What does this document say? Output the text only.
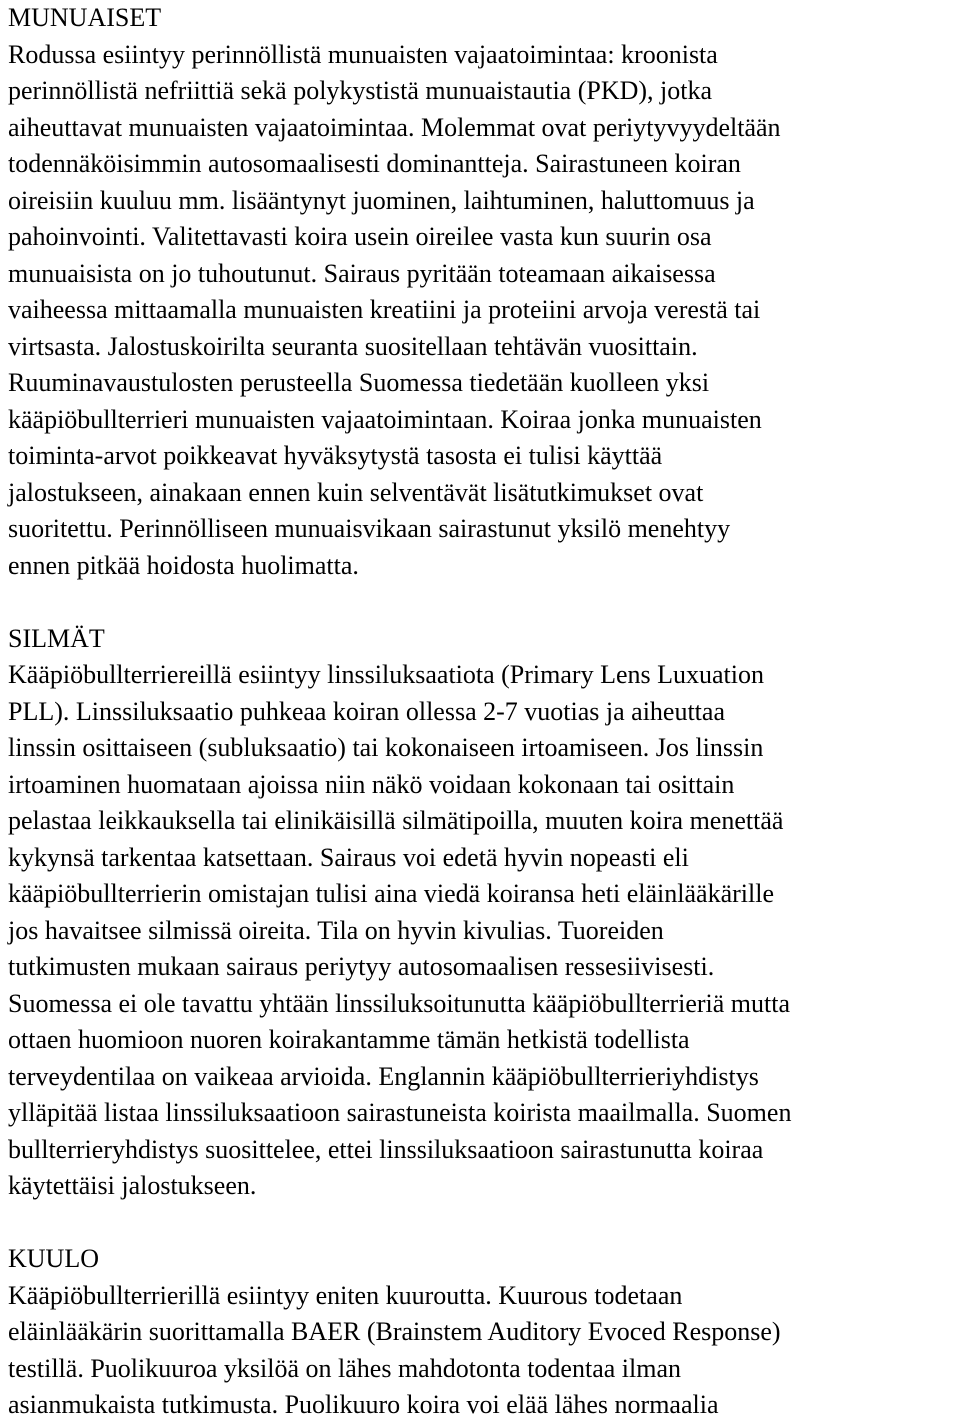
MUNUAISET
Rodussa esiintyy perinnöllistä munuaisten vajaatoimintaa: kroonista
perinnöllistä nefriittiä sekä polykystistä munuaistautia (PKD), jotka
aiheuttavat munuaisten vajaatoimintaa. Molemmat ovat periytyvyydeltään
todennäköisimmin autosomaalisesti dominantteja. Sairastuneen koiran
oireisiin kuuluu mm. lisääntynyt juominen, laihtuminen, haluttomuus ja
pahoinvointi. Valitettavasti koira usein oireilee vasta kun suurin osa
munuaisista on jo tuhoutunut. Sairaus pyritään toteamaan aikaisessa
vaiheessa mittaamalla munuaisten kreatiini ja proteiini arvoja verestä tai
virtsasta. Jalostuskoirilta seuranta suositellaan tehtävän vuosittain.
Ruuminavaustulosten perusteella Suomessa tiedetään kuolleen yksi
kääpiöbullterrieri munuaisten vajaatoimintaan. Koiraa jonka munuaisten
toiminta-arvot poikkeavat hyväksytystä tasosta ei tulisi käyttää
jalostukseen, ainakaan ennen kuin selventävät lisätutkimukset ovat
suoritettu. Perinnölliseen munuaisvikaan sairastunut yksilö menehtyy
ennen pitkää hoidosta huolimatta.
SILMÄT
Kääpiöbullterriereillä esiintyy linssiluksaatiota (Primary Lens Luxuation
PLL). Linssiluksaatio puhkeaa koiran ollessa 2-7 vuotias ja aiheuttaa
linssin osittaiseen (subluksaatio) tai kokonaiseen irtoamiseen. Jos linssin
irtoaminen huomataan ajoissa niin näkö voidaan kokonaan tai osittain
pelastaa leikkauksella tai elinikäisillä silmätipoilla, muuten koira menettää
kykynsä tarkentaa katsettaan. Sairaus voi edetä hyvin nopeasti eli
kääpiöbullterrierin omistajan tulisi aina viedä koiransa heti eläinlääkärille
jos havaitsee silmissä oireita. Tila on hyvin kivulias. Tuoreiden
tutkimusten mukaan sairaus periytyy autosomaalisen ressesiivisesti.
Suomessa ei ole tavattu yhtään linssiluksoitunutta kääpiöbullterrieriä mutta
ottaen huomioon nuoren koirakantamme tämän hetkistä todellista
terveydentilaa on vaikeaa arvioida. Englannin kääpiöbullterrieriyhdistys
ylläpitää listaa linssiluksaatioon sairastuneista koirista maailmalla. Suomen
bullterrieryhdistys suosittelee, ettei linssiluksaatioon sairastunutta koiraa
käytettäisi jalostukseen.
KUULO
Kääpiöbullterrierillä esiintyy eniten kuuroutta. Kuurous todetaan
eläinlääkärin suorittamalla BAER (Brainstem Auditory Evoced Response)
testillä. Puolikuuroa yksilöä on lähes mahdotonta todentaa ilman
asianmukaista tutkimusta. Puolikuuro koira voi elää lähes normaalia
